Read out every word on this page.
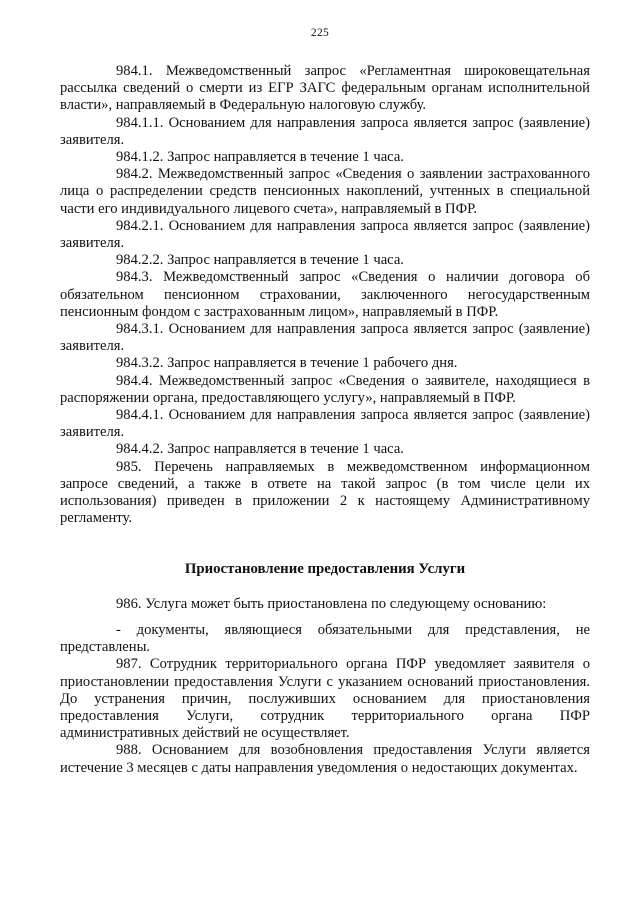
225

984.1. Межведомственный запрос «Регламентная широковещательная рассылка сведений о смерти из ЕГР ЗАГС федеральным органам исполнительной власти», направляемый в Федеральную налоговую службу.

984.1.1. Основанием для направления запроса является запрос (заявление) заявителя.

984.1.2. Запрос направляется в течение 1 часа.

984.2. Межведомственный запрос «Сведения о заявлении застрахованного лица о распределении средств пенсионных накоплений, учтенных в специальной части его индивидуального лицевого счета», направляемый в ПФР.

984.2.1. Основанием для направления запроса является запрос (заявление) заявителя.

984.2.2. Запрос направляется в течение 1 часа.

984.3. Межведомственный запрос «Сведения о наличии договора об обязательном пенсионном страховании, заключенного негосударственным пенсионным фондом с застрахованным лицом», направляемый в ПФР.

984.3.1. Основанием для направления запроса является запрос (заявление) заявителя.

984.3.2. Запрос направляется в течение 1 рабочего дня.

984.4. Межведомственный запрос «Сведения о заявителе, находящиеся в распоряжении органа, предоставляющего услугу», направляемый в ПФР.

984.4.1. Основанием для направления запроса является запрос (заявление) заявителя.

984.4.2. Запрос направляется в течение 1 часа.

985. Перечень направляемых в межведомственном информационном запросе сведений, а также в ответе на такой запрос (в том числе цели их использования) приведен в приложении 2 к настоящему Административному регламенту.

Приостановление предоставления Услуги

986. Услуга может быть приостановлена по следующему основанию:

- документы, являющиеся обязательными для представления, не представлены.

987. Сотрудник территориального органа ПФР уведомляет заявителя о приостановлении предоставления Услуги с указанием оснований приостановления. До устранения причин, послуживших основанием для приостановления предоставления Услуги, сотрудник территориального органа ПФР административных действий не осуществляет.

988. Основанием для возобновления предоставления Услуги является истечение 3 месяцев с даты направления уведомления о недостающих документах.
